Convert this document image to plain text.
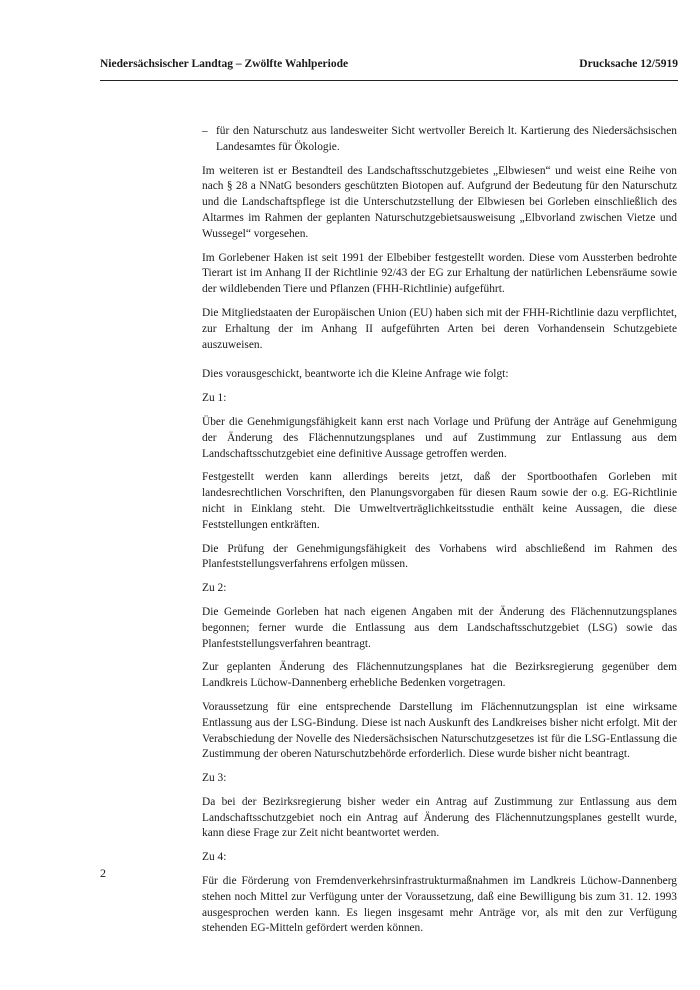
Niedersächsischer Landtag – Zwölfte Wahlperiode	Drucksache 12/5919
– für den Naturschutz aus landesweiter Sicht wertvoller Bereich lt. Kartierung des Niedersächsischen Landesamtes für Ökologie.

Im weiteren ist er Bestandteil des Landschaftsschutzgebietes „Elbwiesen“ und weist eine Reihe von nach § 28 a NNatG besonders geschützten Biotopen auf. Aufgrund der Bedeutung für den Naturschutz und die Landschaftspflege ist die Unterschutzstellung der Elbwiesen bei Gorleben einschließlich des Altarmes im Rahmen der geplanten Naturschutzgebietsausweisung „Elbvorland zwischen Vietze und Wussegel“ vorgesehen.

Im Gorlebener Haken ist seit 1991 der Elbebiber festgestellt worden. Diese vom Aussterben bedrohte Tierart ist im Anhang II der Richtlinie 92/43 der EG zur Erhaltung der natürlichen Lebensräume sowie der wildlebenden Tiere und Pflanzen (FHH-Richtlinie) aufgeführt.

Die Mitgliedstaaten der Europäischen Union (EU) haben sich mit der FHH-Richtlinie dazu verpflichtet, zur Erhaltung der im Anhang II aufgeführten Arten bei deren Vorhandensein Schutzgebiete auszuweisen.

Dies vorausgeschickt, beantworte ich die Kleine Anfrage wie folgt:

Zu 1:

Über die Genehmigungsfähigkeit kann erst nach Vorlage und Prüfung der Anträge auf Genehmigung der Änderung des Flächennutzungsplanes und auf Zustimmung zur Entlassung aus dem Landschaftsschutzgebiet eine definitive Aussage getroffen werden.

Festgestellt werden kann allerdings bereits jetzt, daß der Sportboothafen Gorleben mit landesrechtlichen Vorschriften, den Planungsvorgaben für diesen Raum sowie der o.g. EG-Richtlinie nicht in Einklang steht. Die Umweltverträglichkeitsstudie enthält keine Aussagen, die diese Feststellungen entkräften.

Die Prüfung der Genehmigungsfähigkeit des Vorhabens wird abschließend im Rahmen des Planfeststellungsverfahrens erfolgen müssen.

Zu 2:

Die Gemeinde Gorleben hat nach eigenen Angaben mit der Änderung des Flächennutzungsplanes begonnen; ferner wurde die Entlassung aus dem Landschaftsschutzgebiet (LSG) sowie das Planfeststellungsverfahren beantragt.

Zur geplanten Änderung des Flächennutzungsplanes hat die Bezirksregierung gegenüber dem Landkreis Lüchow-Dannenberg erhebliche Bedenken vorgetragen.

Voraussetzung für eine entsprechende Darstellung im Flächennutzungsplan ist eine wirksame Entlassung aus der LSG-Bindung. Diese ist nach Auskunft des Landkreises bisher nicht erfolgt. Mit der Verabschiedung der Novelle des Niedersächsischen Naturschutzgesetzes ist für die LSG-Entlassung die Zustimmung der oberen Naturschutzbehörde erforderlich. Diese wurde bisher nicht beantragt.

Zu 3:

Da bei der Bezirksregierung bisher weder ein Antrag auf Zustimmung zur Entlassung aus dem Landschaftsschutzgebiet noch ein Antrag auf Änderung des Flächennutzungsplanes gestellt wurde, kann diese Frage zur Zeit nicht beantwortet werden.

Zu 4:

Für die Förderung von Fremdenverkehrsinfrastrukturmaßnahmen im Landkreis Lüchow-Dannenberg stehen noch Mittel zur Verfügung unter der Voraussetzung, daß eine Bewilligung bis zum 31. 12. 1993 ausgesprochen werden kann. Es liegen insgesamt mehr Anträge vor, als mit den zur Verfügung stehenden EG-Mitteln gefördert werden können.

2
